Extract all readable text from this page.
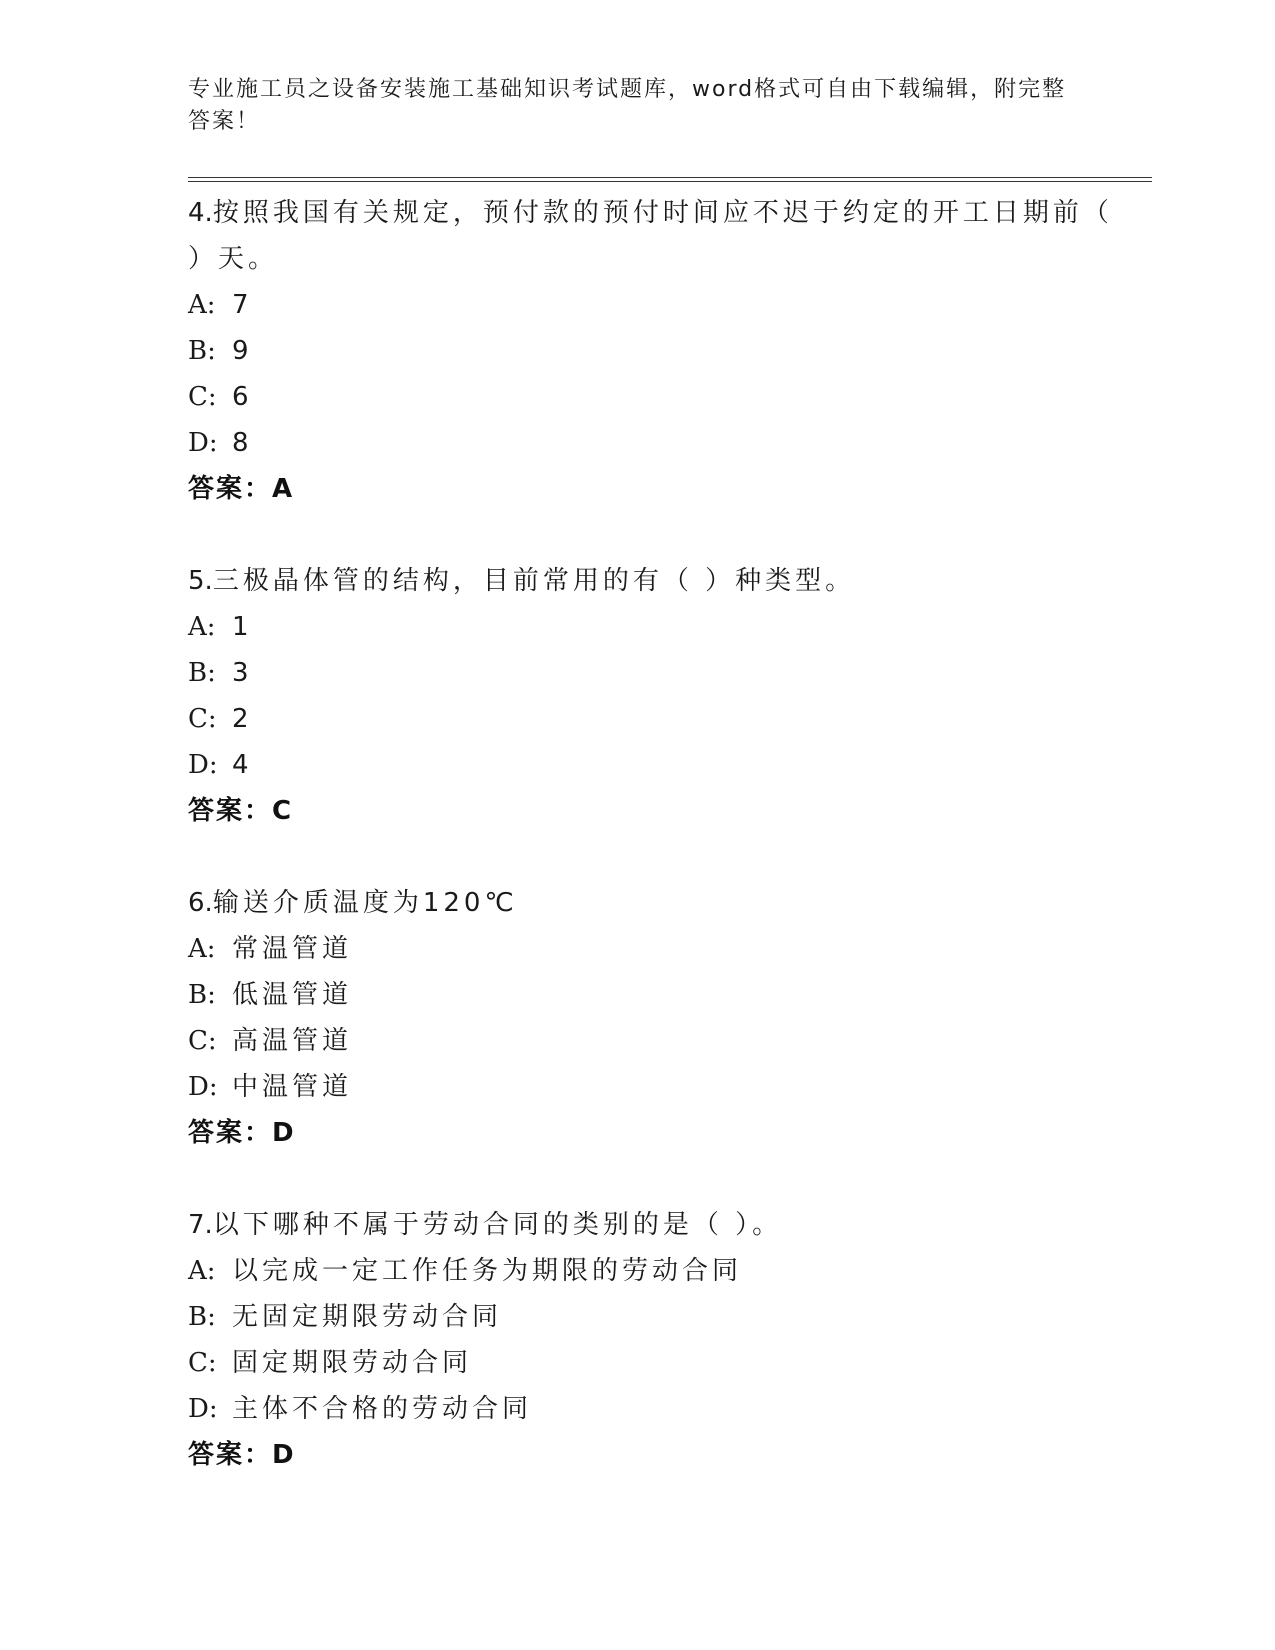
专业施工员之设备安装施工基础知识考试题库，word格式可自由下载编辑，附完整答案！

4.按照我国有关规定，预付款的预付时间应不迟于约定的开工日期前（ ）天。

A: 7

B: 9

C: 6

D: 8

答案：A

5.三极晶体管的结构，目前常用的有（ ）种类型。

A: 1

B: 3

C: 2

D: 4

答案：C

6.输送介质温度为120℃

A: 常温管道

B: 低温管道

C: 高温管道

D: 中温管道

答案：D

7.以下哪种不属于劳动合同的类别的是（ ）。

A: 以完成一定工作任务为期限的劳动合同

B: 无固定期限劳动合同

C: 固定期限劳动合同

D: 主体不合格的劳动合同

答案：D
